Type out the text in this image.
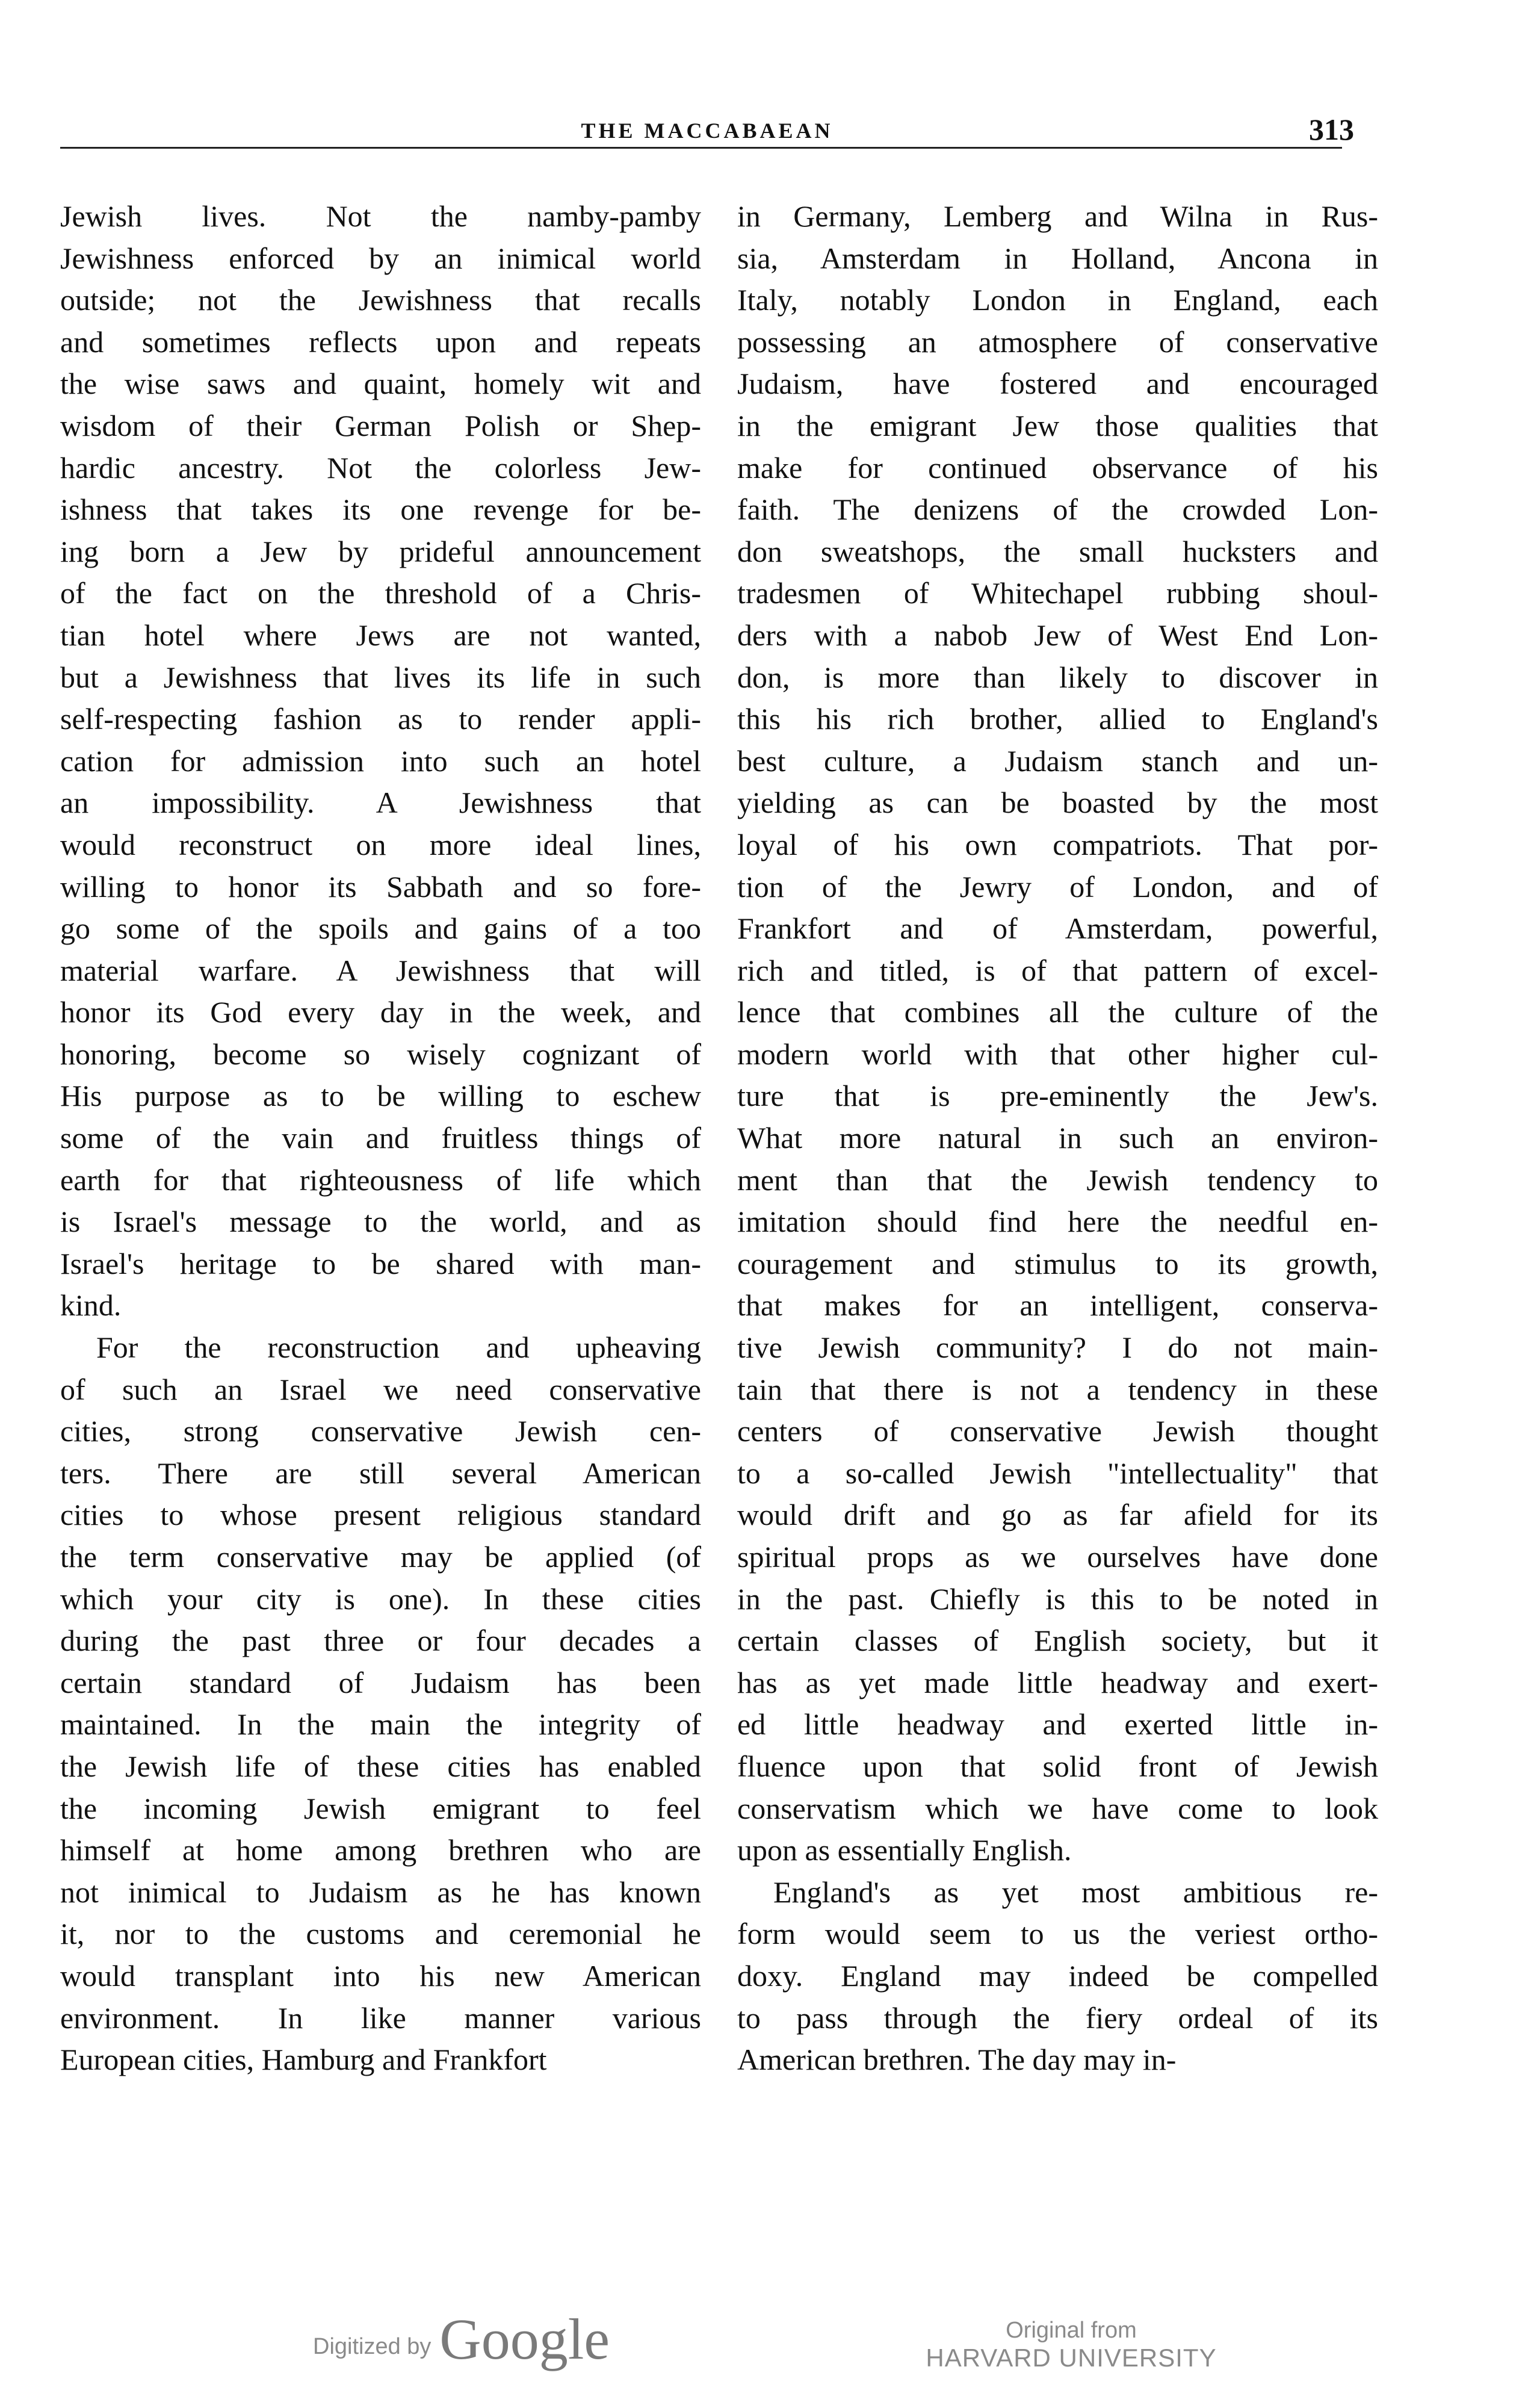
THE MACCABAEAN	313
Jewish lives. Not the namby-pamby
Jewishness enforced by an inimical world
outside; not the Jewishness that recalls
and sometimes reflects upon and repeats
the wise saws and quaint, homely wit and
wisdom of their German Polish or Shep-
hardic ancestry. Not the colorless Jew-
ishness that takes its one revenge for be-
ing born a Jew by prideful announcement
of the fact on the threshold of a Chris-
tian hotel where Jews are not wanted,
but a Jewishness that lives its life in such
self-respecting fashion as to render appli-
cation for admission into such an hotel
an impossibility. A Jewishness that
would reconstruct on more ideal lines,
willing to honor its Sabbath and so fore-
go some of the spoils and gains of a too
material warfare. A Jewishness that will
honor its God every day in the week, and
honoring, become so wisely cognizant of
His purpose as to be willing to eschew
some of the vain and fruitless things of
earth for that righteousness of life which
is Israel's message to the world, and as
Israel's heritage to be shared with man-
kind.
For the reconstruction and upheaving
of such an Israel we need conservative
cities, strong conservative Jewish cen-
ters. There are still several American
cities to whose present religious standard
the term conservative may be applied (of
which your city is one). In these cities
during the past three or four decades a
certain standard of Judaism has been
maintained. In the main the integrity of
the Jewish life of these cities has enabled
the incoming Jewish emigrant to feel
himself at home among brethren who are
not inimical to Judaism as he has known
it, nor to the customs and ceremonial he
would transplant into his new American
environment. In like manner various
European cities, Hamburg and Frankfort
in Germany, Lemberg and Wilna in Rus-
sia, Amsterdam in Holland, Ancona in
Italy, notably London in England, each
possessing an atmosphere of conservative
Judaism, have fostered and encouraged
in the emigrant Jew those qualities that
make for continued observance of his
faith. The denizens of the crowded Lon-
don sweatshops, the small hucksters and
tradesmen of Whitechapel rubbing shoul-
ders with a nabob Jew of West End Lon-
don, is more than likely to discover in
this his rich brother, allied to England's
best culture, a Judaism stanch and un-
yielding as can be boasted by the most
loyal of his own compatriots. That por-
tion of the Jewry of London, and of
Frankfort and of Amsterdam, powerful,
rich and titled, is of that pattern of excel-
lence that combines all the culture of the
modern world with that other higher cul-
ture that is pre-eminently the Jew's.
What more natural in such an environ-
ment than that the Jewish tendency to
imitation should find here the needful en-
couragement and stimulus to its growth,
that makes for an intelligent, conserva-
tive Jewish community? I do not main-
tain that there is not a tendency in these
centers of conservative Jewish thought
to a so-called Jewish "intellectuality" that
would drift and go as far afield for its
spiritual props as we ourselves have done
in the past. Chiefly is this to be noted in
certain classes of English society, but it
has as yet made little headway and exert-
ed little headway and exerted little in-
fluence upon that solid front of Jewish
conservatism which we have come to look
upon as essentially English.
England's as yet most ambitious re-
form would seem to us the veriest ortho-
doxy. England may indeed be compelled
to pass through the fiery ordeal of its
American brethren. The day may in-
Digitized by Google	Original from
HARVARD UNIVERSITY
